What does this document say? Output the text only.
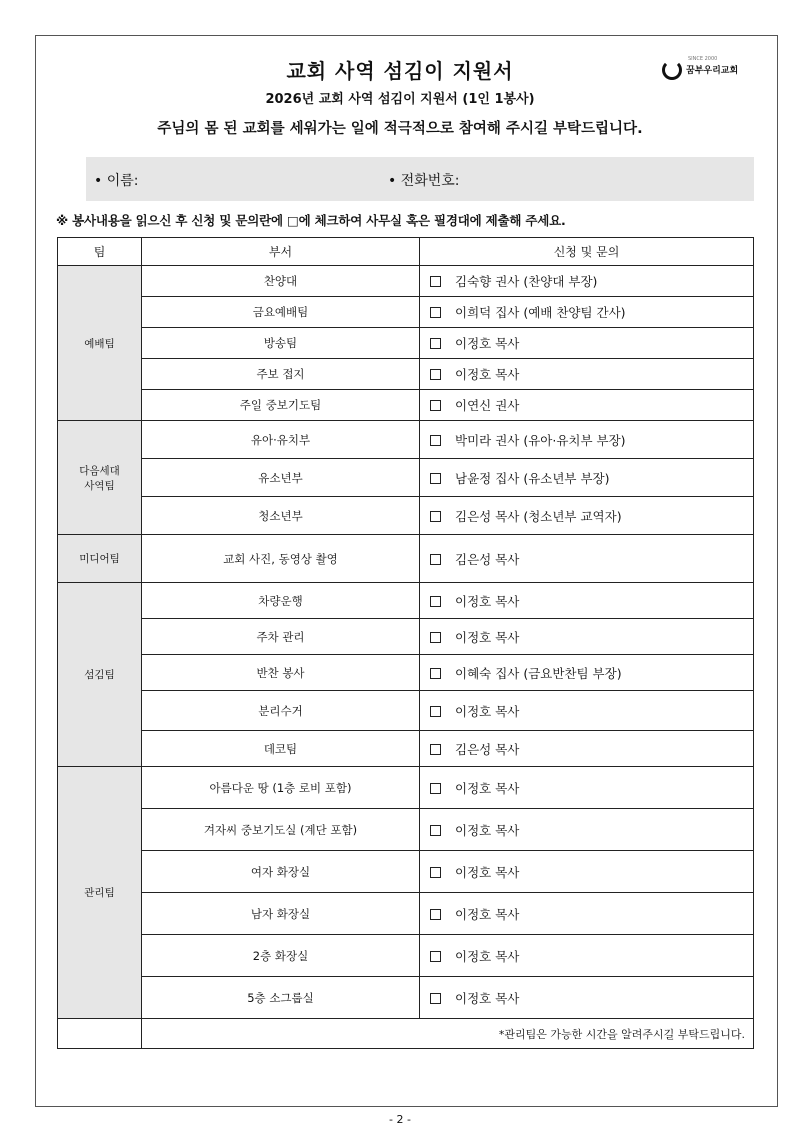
교회 사역 섬김이 지원서
2026년 교회 사역 섬김이 지원서 (1인 1봉사)
주님의 몸 된 교회를 세워가는 일에 적극적으로 참여해 주시길 부탁드립니다.
SINCE 2000
꿈부우리교회
• 이름:	• 전화번호:
※ 봉사내용을 읽으신 후 신청 및 문의란에 □에 체크하여 사무실 혹은 필경대에 제출해 주세요.
팀	부서	신청 및 문의
예배팀	찬양대	김숙향 권사 (찬양대 부장)
	금요예배팀	이희덕 집사 (예배 찬양팀 간사)
	방송팀	이정호 목사
	주보 접지	이정호 목사
	주일 중보기도팀	이연신 권사
다음세대
사역팀	유아·유치부	박미라 권사 (유아·유치부 부장)
	유소년부	남윤정 집사 (유소년부 부장)
	청소년부	김은성 목사 (청소년부 교역자)
미디어팀	교회 사진, 동영상 촬영	김은성 목사
섬김팀	차량운행	이정호 목사
	주차 관리	이정호 목사
	반찬 봉사	이혜숙 집사 (금요반찬팀 부장)
	분리수거	이정호 목사
	데코팀	김은성 목사
관리팀	아름다운 땅 (1층 로비 포함)	이정호 목사
	겨자씨 중보기도실 (계단 포함)	이정호 목사
	여자 화장실	이정호 목사
	남자 화장실	이정호 목사
	2층 화장실	이정호 목사
	5층 소그룹실	이정호 목사
	*관리팀은 가능한 시간을 알려주시길 부탁드립니다.	
- 2 -
